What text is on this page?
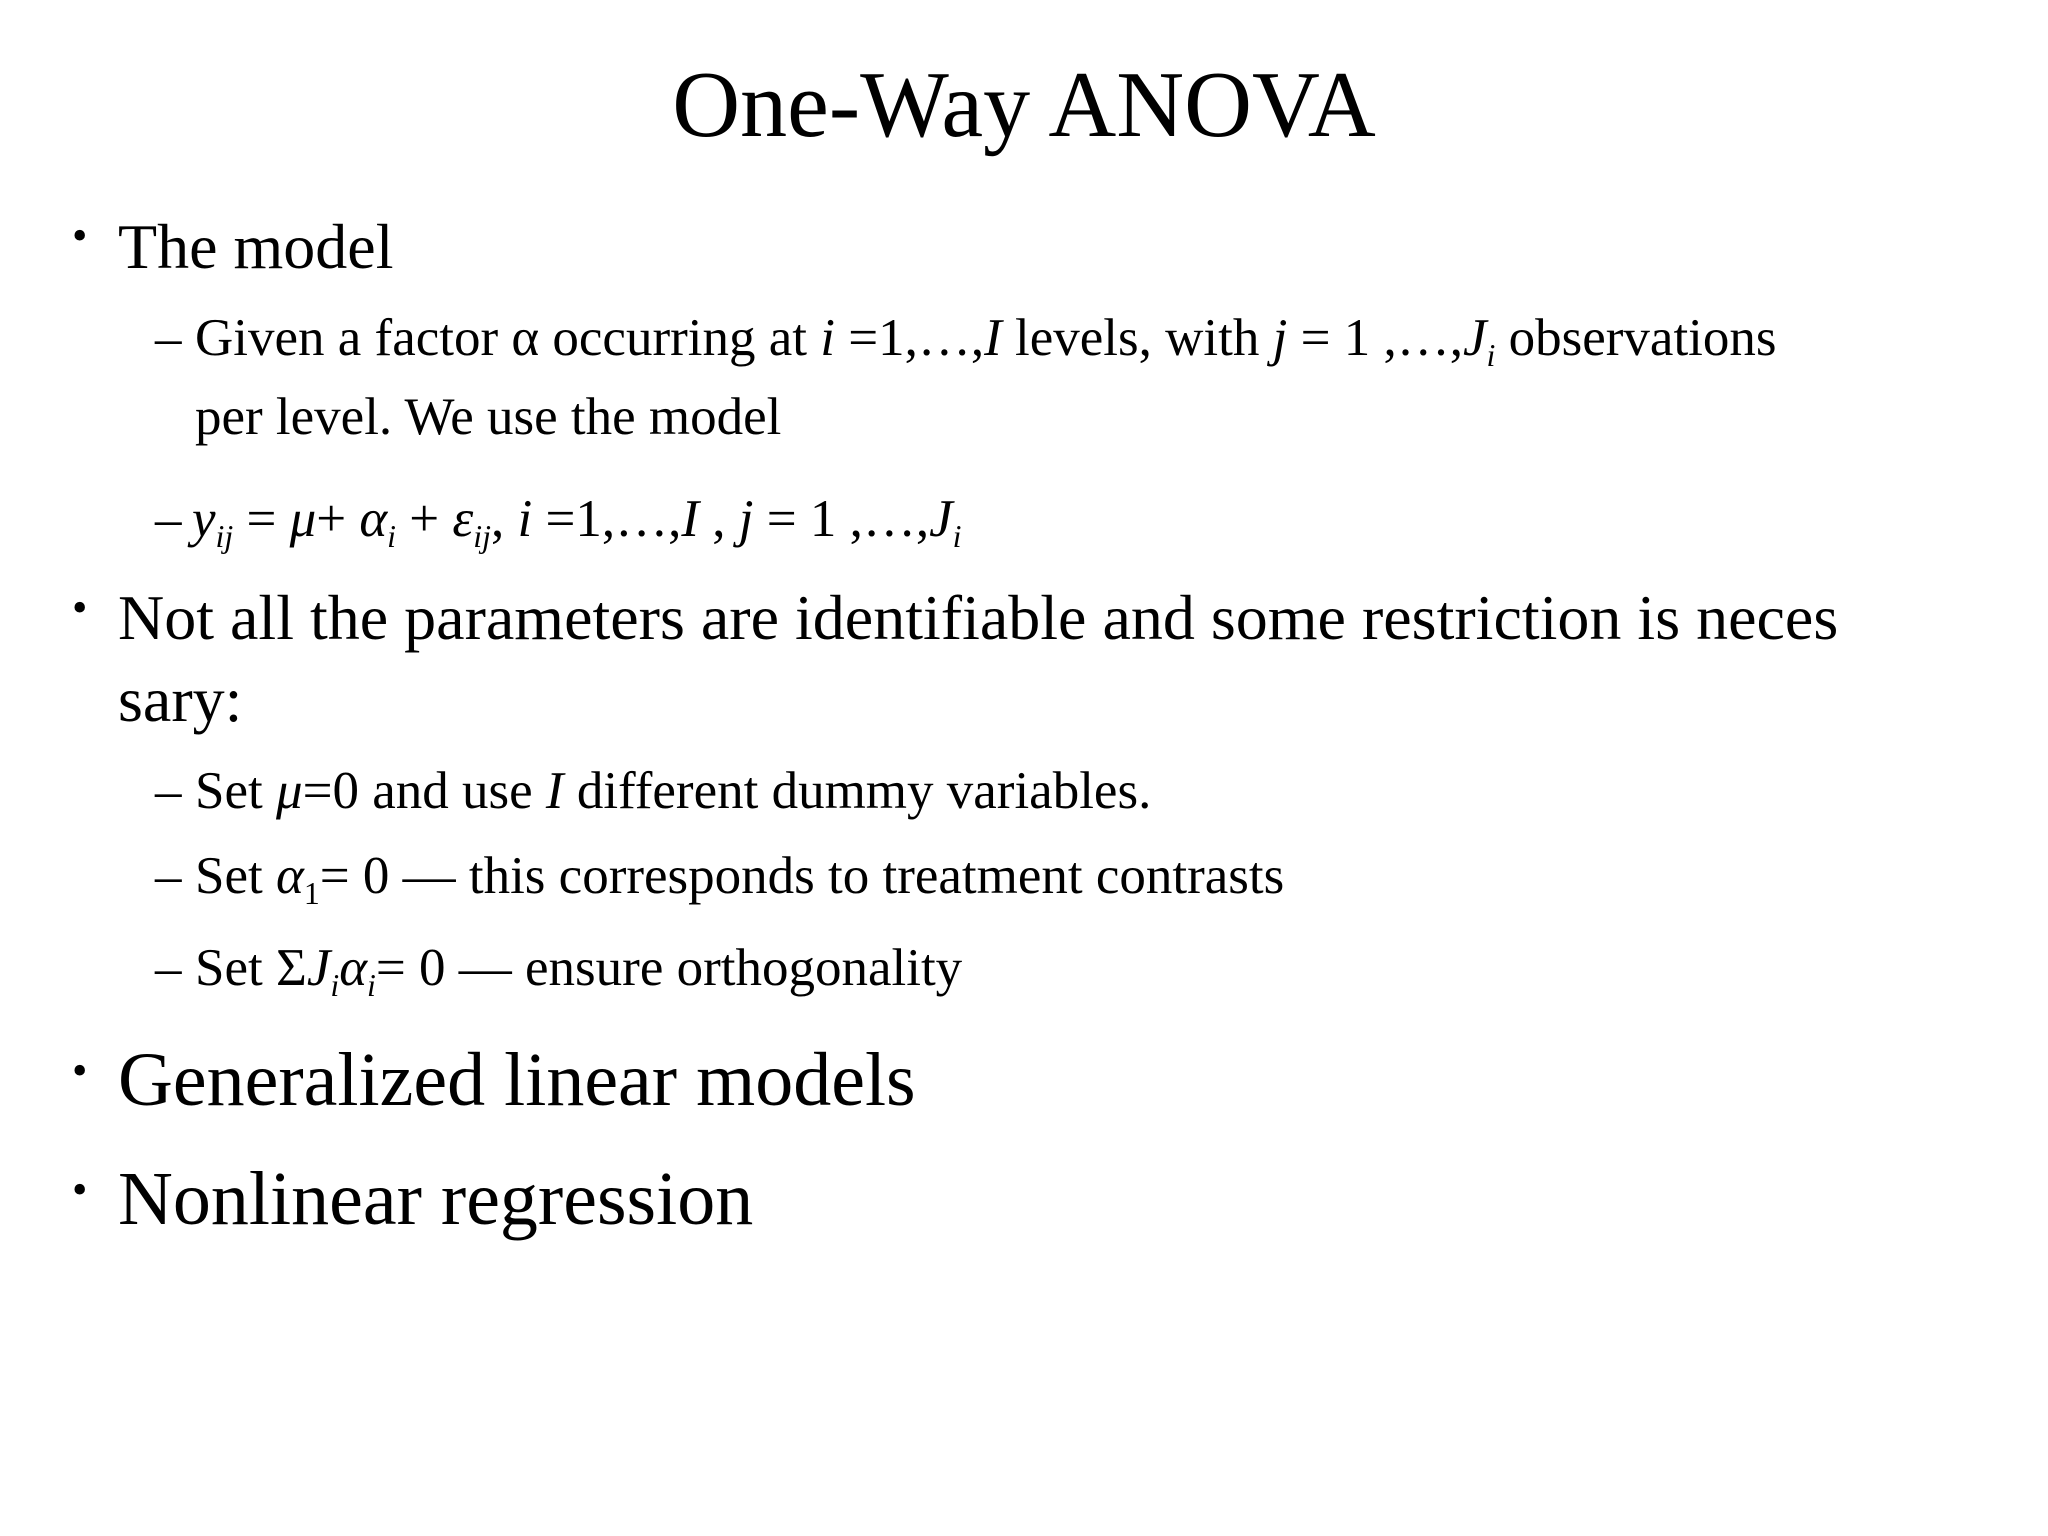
One-Way ANOVA
• The model
– Given a factor α occurring at i =1,…,I levels, with j = 1 $,\dots,J_i$ observations
per level. We use the model
– $y_{ij} = \mu+ \alpha_i + \varepsilon_{ij}$, i =1,…,I , j = 1 $,\dots,J_i$
• Not all the parameters are identifiable and some restriction is neces
sary:
– Set μ=0 and use I different dummy variables.
– Set $\alpha_1= 0$ — this corresponds to treatment contrasts
– Set $\Sigma J_i\alpha_i= 0$ — ensure orthogonality
• Generalized linear models
• Nonlinear regression
